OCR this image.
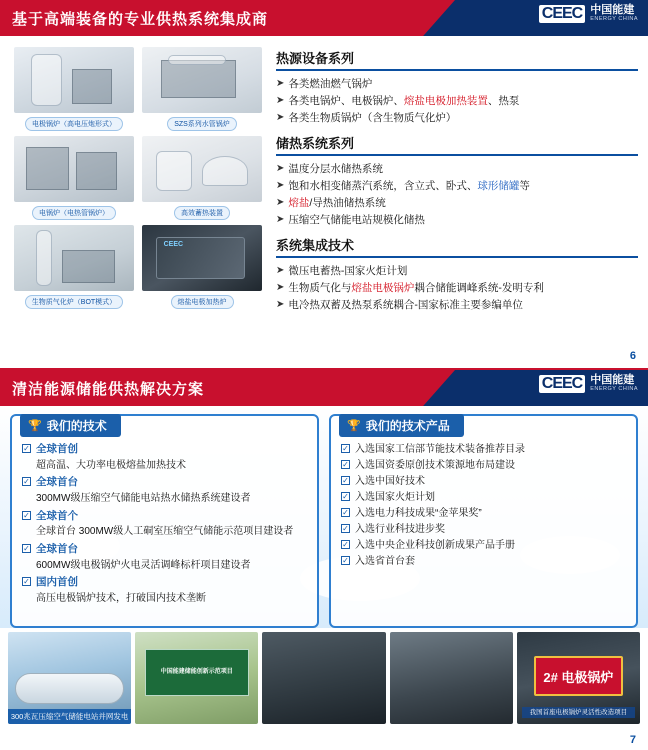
基于高端装备的专业供热系统集成商	CEEC 中国能建
ENERGY CHINA
电极锅炉（高电压炮形式）	SZS系列水管锅炉
电锅炉（电热管锅炉）	高效蓄热装置
生物质气化炉（BOT模式）
CEEC
熔盐电极加热炉
热源设备系列
➤ 各类燃油燃气锅炉
➤ 各类电锅炉、电极锅炉、熔盐电极加热装置、热泵
➤ 各类生物质锅炉（含生物质气化炉）
储热系统系列
➤ 温度分层水储热系统
➤ 饱和水相变储蒸汽系统，含立式、卧式、球形储罐等
➤ 熔盐/导热油储热系统
➤ 压缩空气储能电站规模化储热
系统集成技术
➤ 微压电蓄热-国家火炬计划
➤ 生物质气化与熔盐电极锅炉耦合储能调峰系统-发明专利
➤ 电冷热双蓄及热泵系统耦合-国家标准主要参编单位
6
清洁能源储能供热解决方案	CEEC 中国能建
ENERGY CHINA
🏆 我们的技术
✓ 全球首创
超高温、大功率电极熔盐加热技术
✓ 全球首台
300MW级压缩空气储能电站热水储热系统建设者
✓ 全球首个
全球首台 300MW级人工硐室压缩空气储能示范项目建设者
✓ 全球首台
600MW级电极锅炉火电灵活调峰标杆项目建设者
✓ 国内首创
高压电极锅炉技术，打破国内技术垄断
🏆 我们的技术产品
✓ 入选国家工信部节能技术装备推荐目录
✓ 入选国资委原创技术策源地布局建设
✓ 入选中国好技术
✓ 入选国家火炬计划
✓ 入选电力科技成果“金苹果奖”
✓ 入选行业科技进步奖
✓ 入选中央企业科技创新成果产品手册
✓ 入选省首台套
300兆瓦压缩空气储能电站并网发电
中国能建储能创新示范项目	2# 电极锅炉
我国首座电极锅炉灵活性改造项目
7
